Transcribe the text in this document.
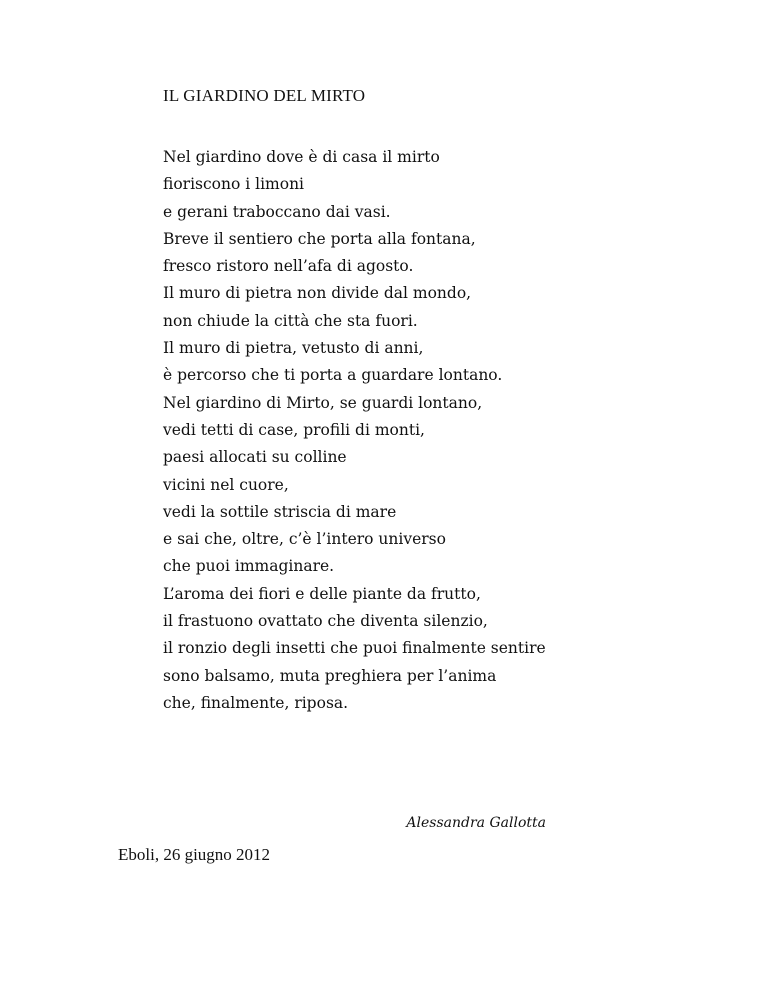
IL GIARDINO DEL MIRTO
Nel giardino dove è di casa il mirto
fioriscono i limoni
e gerani traboccano dai vasi.
Breve il sentiero che porta alla fontana,
fresco ristoro nell’afa di agosto.
Il muro di pietra non divide dal mondo,
non chiude la città che sta fuori.
Il muro di pietra, vetusto di anni,
è percorso che ti porta a guardare lontano.
Nel giardino di Mirto, se guardi lontano,
vedi tetti di case, profili di monti,
paesi allocati su colline
vicini nel cuore,
vedi la sottile striscia di mare
e sai che, oltre, c’è l’intero universo
che puoi immaginare.
L’aroma dei fiori e delle piante da frutto,
il frastuono ovattato che diventa silenzio,
il ronzio degli insetti che puoi finalmente sentire
sono balsamo, muta preghiera per l’anima
che, finalmente, riposa.
Alessandra Gallotta
Eboli, 26 giugno 2012
